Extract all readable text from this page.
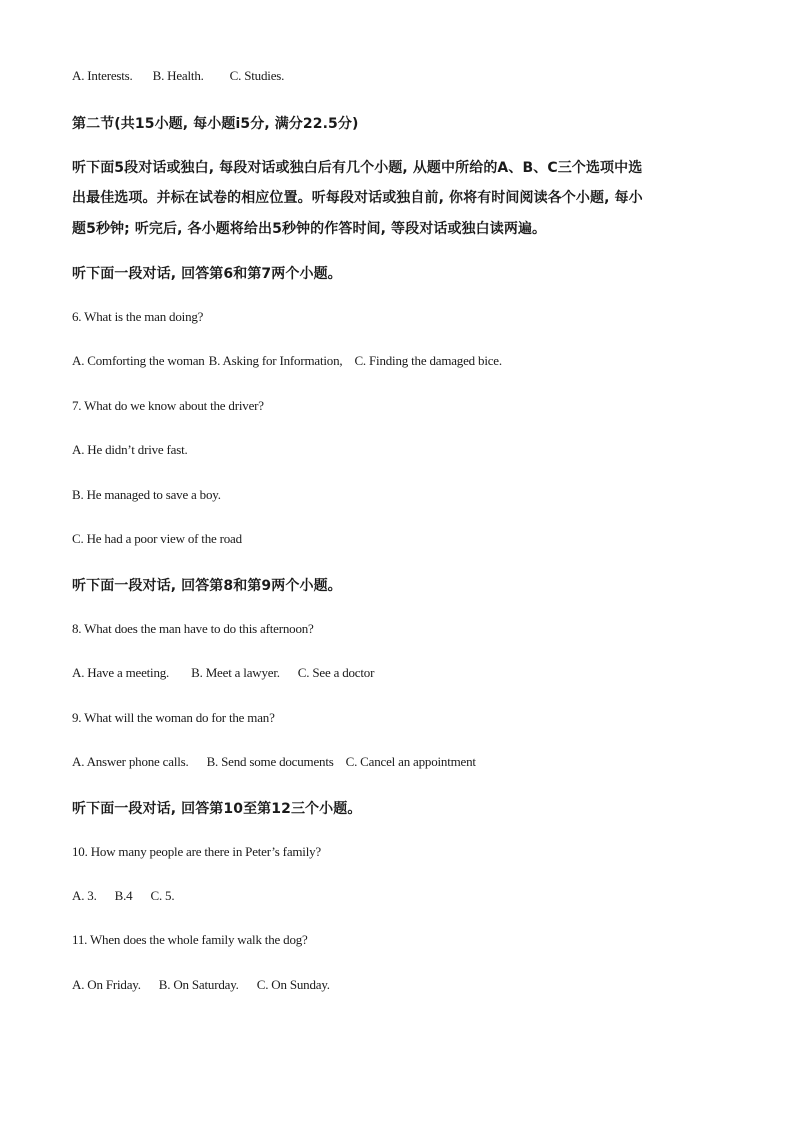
A. Interests. B. Health. C. Studies.
第二节(共15小题, 每小题i5分, 满分22.5分)
听下面5段对话或独白, 每段对话或独白后有几个小题, 从题中所给的A、B、C三个选项中选
出最佳选项。并标在试卷的相应位置。听每段对话或独自前, 你将有时间阅读各个小题, 每小
题5秒钟; 听完后, 各小题将给出5秒钟的作答时间, 等段对话或独白读两遍。
听下面一段对话, 回答第6和第7两个小题。
6. What is the man doing?
A. Comforting the woman B. Asking for Information, C. Finding the damaged bice.
7. What do we know about the driver?
A. He didn’t drive fast.
B. He managed to save a boy.
C. He had a poor view of the road
听下面一段对话, 回答第8和第9两个小题。
8. What does the man have to do this afternoon?
A. Have a meeting. B. Meet a lawyer. C. See a doctor
9. What will the woman do for the man?
A. Answer phone calls. B. Send some documents C. Cancel an appointment
听下面一段对话, 回答第10至第12三个小题。
10. How many people are there in Peter’s family?
A. 3. B.4 C. 5.
11. When does the whole family walk the dog?
A. On Friday. B. On Saturday. C. On Sunday.
